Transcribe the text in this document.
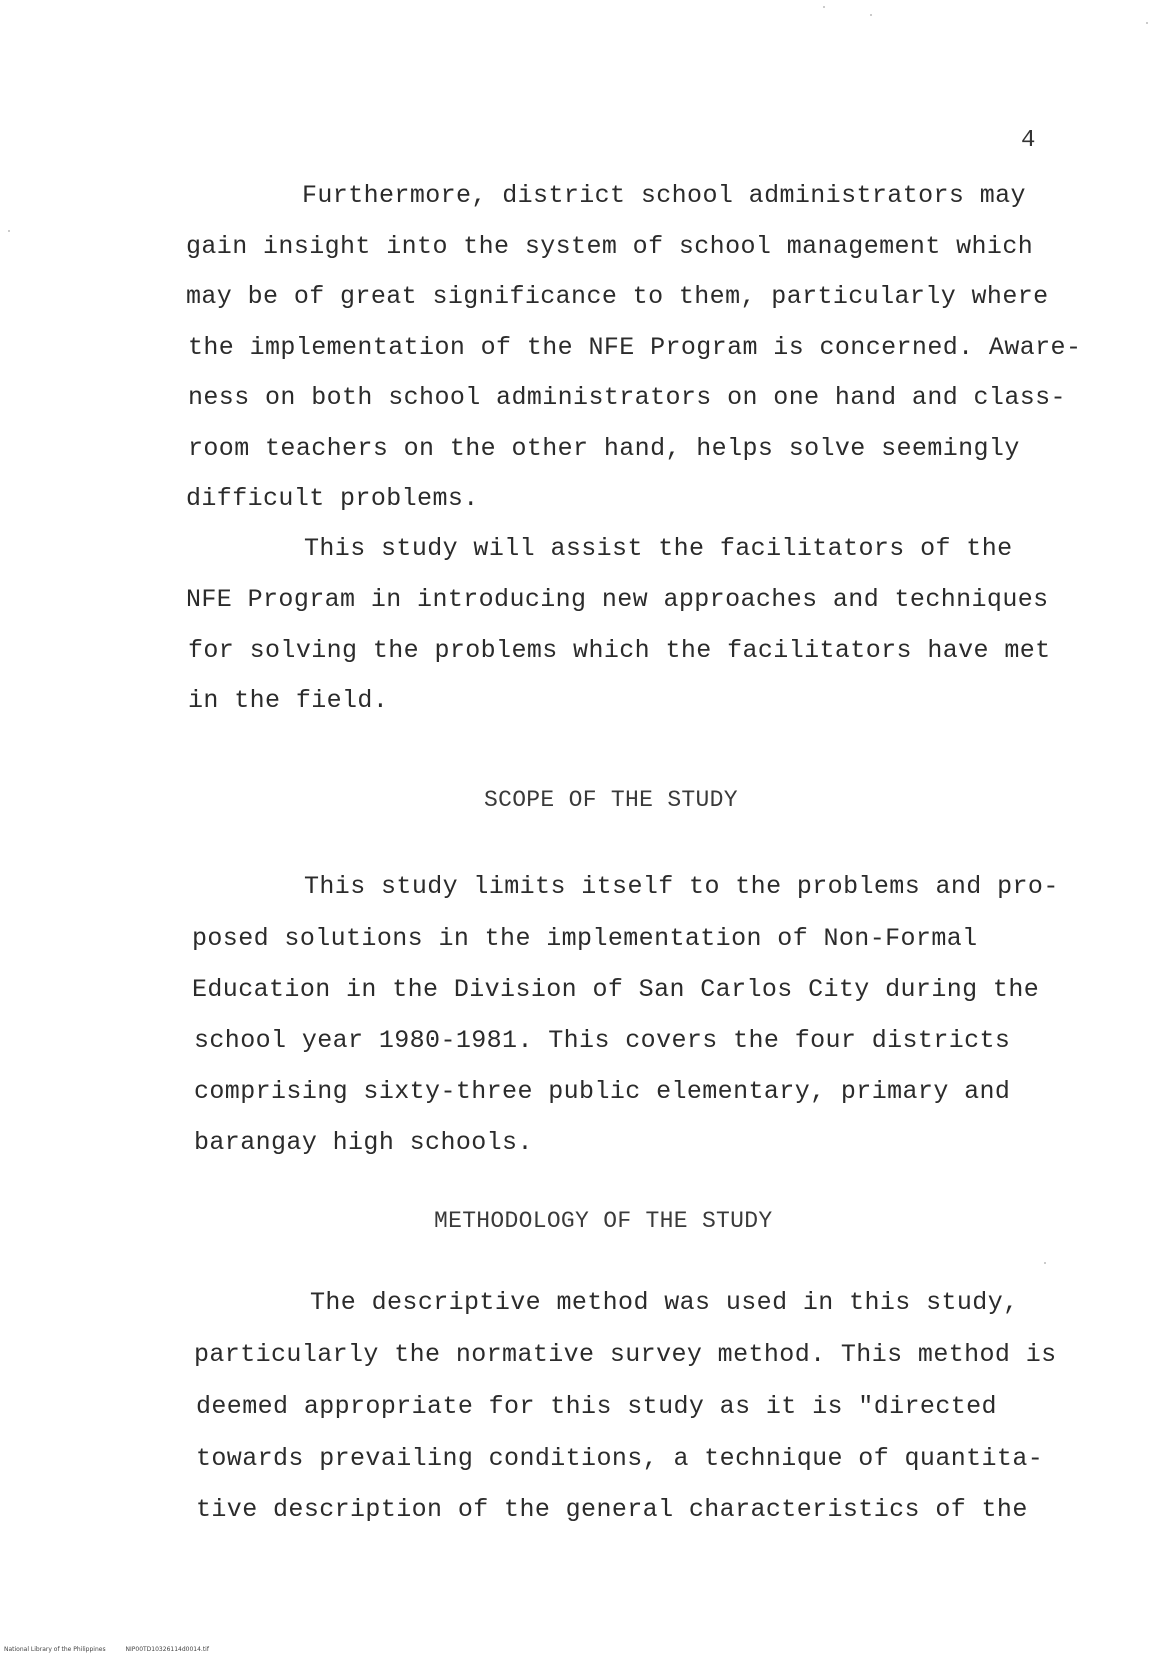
4
Furthermore, district school administrators may
gain insight into the system of school management which
may be of great significance to them, particularly where
the implementation of the NFE Program is concerned. Aware-
ness on both school administrators on one hand and class-
room teachers on the other hand, helps solve seemingly
difficult problems.
This study will assist the facilitators of the
NFE Program in introducing new approaches and techniques
for solving the problems which the facilitators have met
in the field.
SCOPE OF THE STUDY
This study limits itself to the problems and pro-
posed solutions in the implementation of Non-Formal
Education in the Division of San Carlos City during the
school year 1980-1981. This covers the four districts
comprising sixty-three public elementary, primary and
barangay high schools.
METHODOLOGY OF THE STUDY
The descriptive method was used in this study,
particularly the normative survey method. This method is
deemed appropriate for this study as it is "directed
towards prevailing conditions, a technique of quantita-
tive description of the general characteristics of the
National Library of the Philippines	NIP00TD10326114d0014.tif
